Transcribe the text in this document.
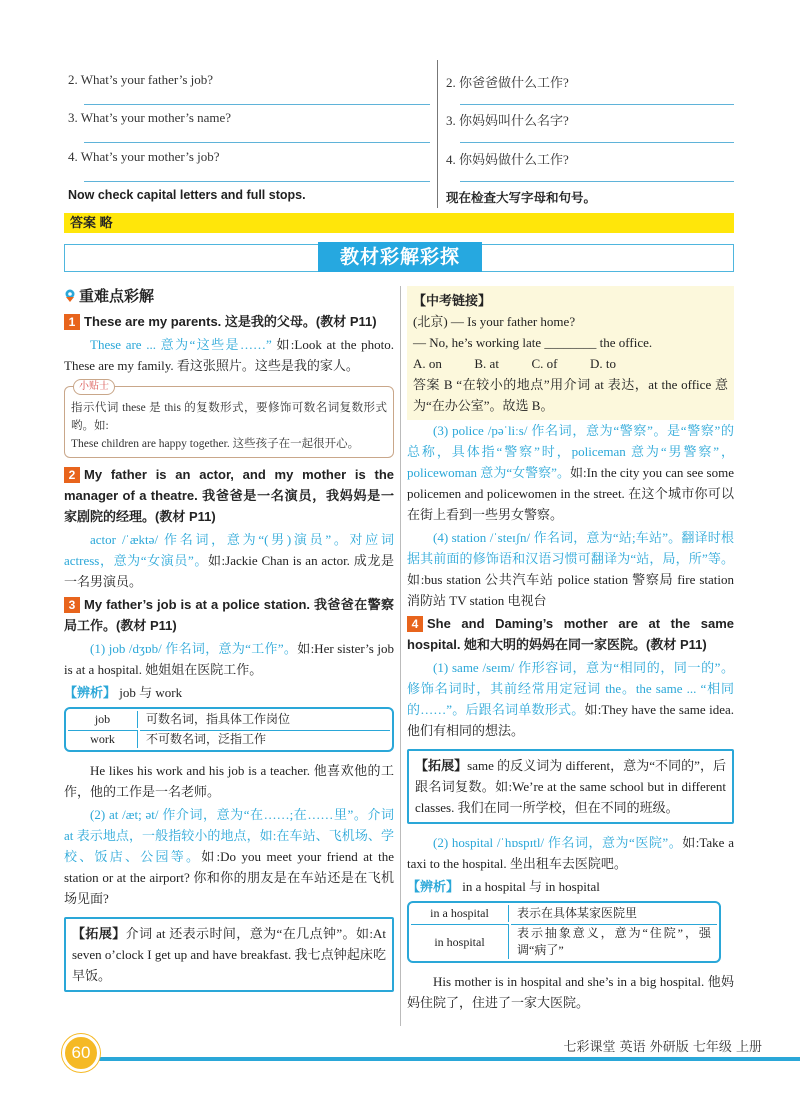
2. What’s your father’s job?
3. What’s your mother’s name?
4. What’s your mother’s job?
Now check capital letters and full stops.
2. 你爸爸做什么工作?
3. 你妈妈叫什么名字?
4. 你妈妈做什么工作?
现在检查大写字母和句号。
答案 略
教材彩解彩探
重难点彩解
1 These are my parents. 这是我的父母。(教材 P11)
These are ... 意为“这些是……” 如:Look at the photo. These are my family. 看这张照片。这些是我的家人。
小贴士
指示代词 these 是 this 的复数形式，要修饰可数名词复数形式哟。如:
These children are happy together. 这些孩子在一起很开心。
2 My father is an actor, and my mother is the manager of a theatre. 我爸爸是一名演员，我妈妈是一家剧院的经理。(教材 P11)
actor /ˈæktə/ 作名词，意为“(男)演员”。对应词 actress，意为“女演员”。如:Jackie Chan is an actor. 成龙是一名男演员。
3 My father’s job is at a police station. 我爸爸在警察局工作。(教材 P11)
(1) job /dʒɒb/ 作名词，意为“工作”。如:Her sister’s job is at a hospital. 她姐姐在医院工作。
【辨析】 job 与 work
job	可数名词，指具体工作岗位
work	不可数名词，泛指工作
He likes his work and his job is a teacher. 他喜欢他的工作，他的工作是一名老师。
(2) at /æt; ət/ 作介词，意为“在……;在……里”。介词 at 表示地点，一般指较小的地点，如:在车站、飞机场、学校、饭店、公园等。如:Do you meet your friend at the station or at the airport? 你和你的朋友是在车站还是在飞机场见面?
【拓展】介词 at 还表示时间，意为“在几点钟”。如:At seven o’clock I get up and have breakfast. 我七点钟起床吃早饭。
【中考链接】
(北京) — Is your father home?
— No, he’s working late ________ the office.
A. on          B. at          C. of          D. to
答案 B “在较小的地点”用介词 at 表达，at the office 意为“在办公室”。故选 B。
(3) police /pəˈliːs/ 作名词，意为“警察”。是“警察”的总称，具体指“警察”时，policeman 意为“男警察”，policewoman 意为“女警察”。如:In the city you can see some policemen and policewomen in the street. 在这个城市你可以在街上看到一些男女警察。
(4) station /ˈsteɪʃn/ 作名词，意为“站;车站”。翻译时根据其前面的修饰语和汉语习惯可翻译为“站，局，所”等。如:bus station 公共汽车站 police station 警察局 fire station 消防站 TV station 电视台
4 She and Daming’s mother are at the same hospital. 她和大明的妈妈在同一家医院。(教材 P11)
(1) same /seɪm/ 作形容词，意为“相同的，同一的”。修饰名词时，其前经常用定冠词 the。the same ... “相同的……”。后跟名词单数形式。如:They have the same idea. 他们有相同的想法。
【拓展】same 的反义词为 different，意为“不同的”，后跟名词复数。如:We’re at the same school but in different classes. 我们在同一所学校，但在不同的班级。
(2) hospital /ˈhɒspɪtl/ 作名词，意为“医院”。如:Take a taxi to the hospital. 坐出租车去医院吧。
【辨析】 in a hospital 与 in hospital
in a hospital	表示在具体某家医院里
in hospital	表示抽象意义，意为“住院”，强调“病了”
His mother is in hospital and she’s in a big hospital. 他妈妈住院了，住进了一家大医院。
60	七彩课堂 英语 外研版 七年级 上册
